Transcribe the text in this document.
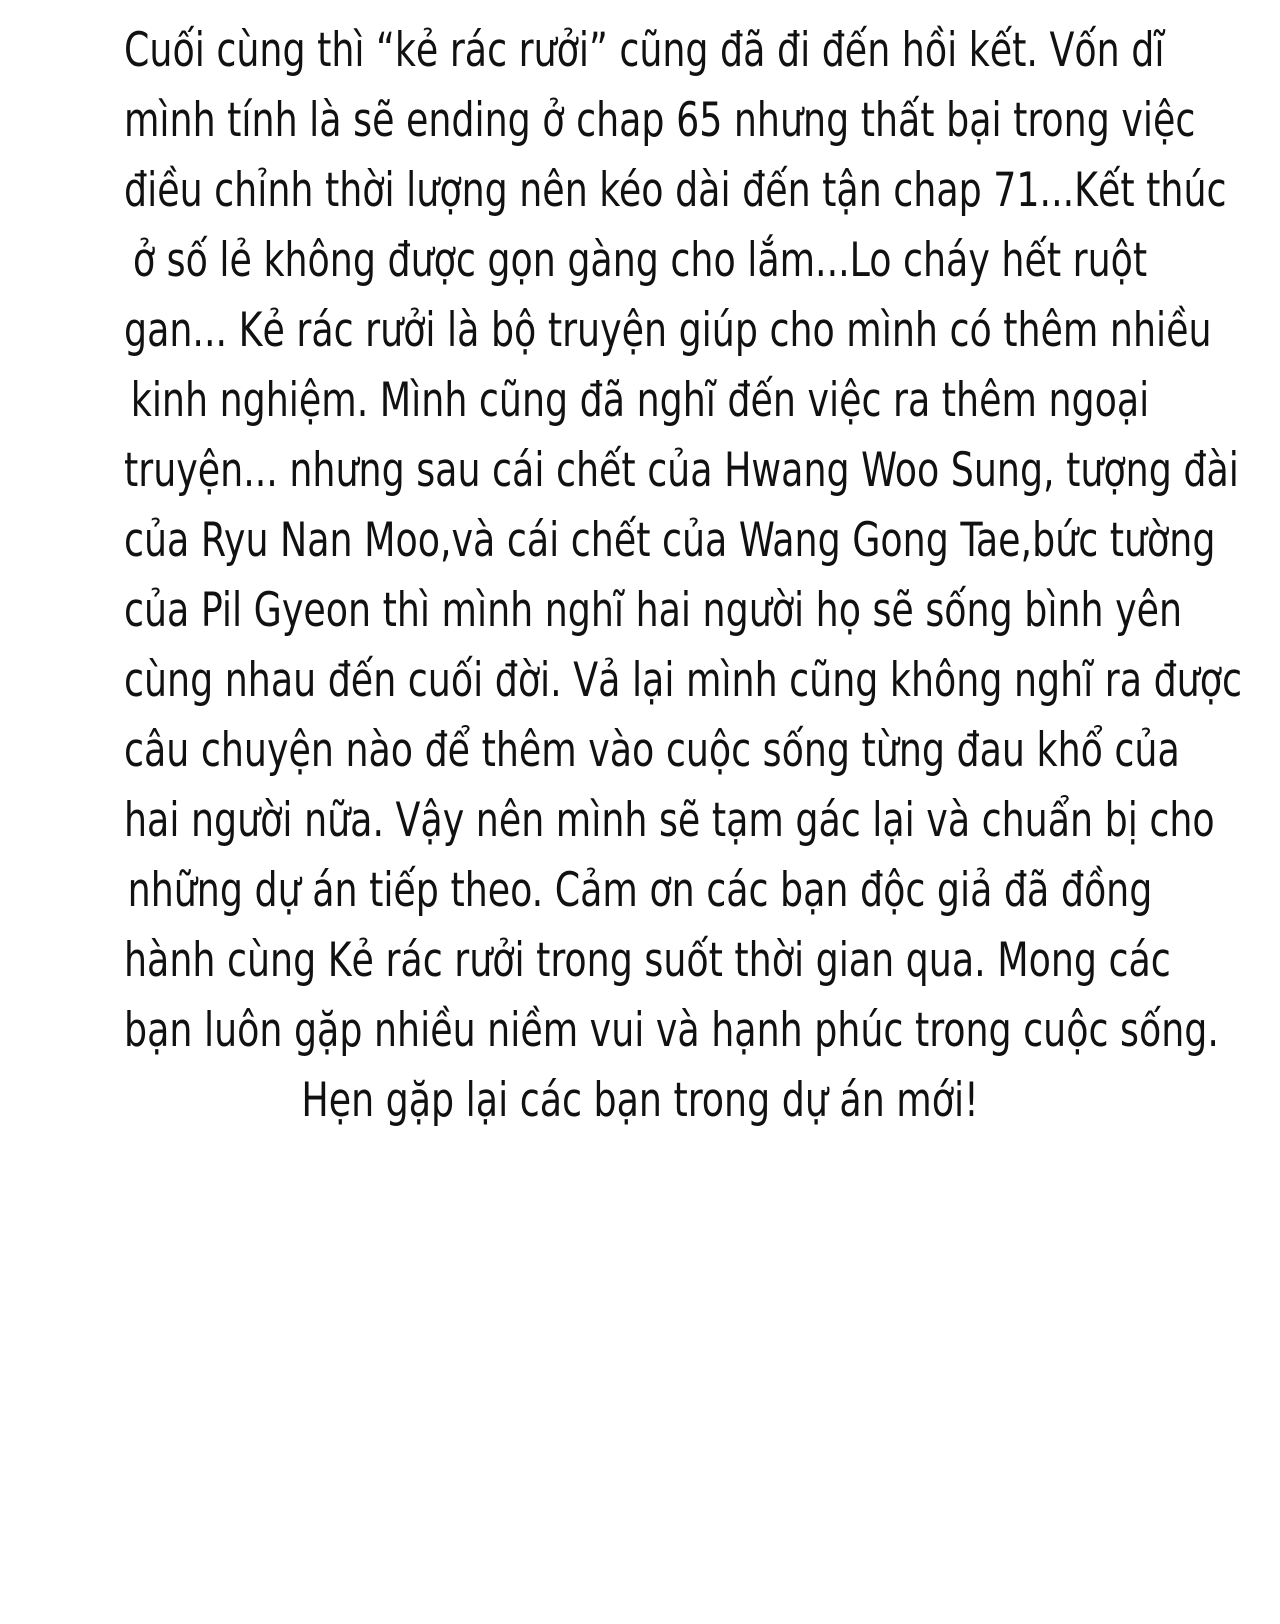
Cuối cùng thì “kẻ rác rưởi” cũng đã đi đến hồi kết. Vốn dĩ
mình tính là sẽ ending ở chap 65 nhưng thất bại trong việc
điều chỉnh thời lượng nên kéo dài đến tận chap 71...Kết thúc
ở số lẻ không được gọn gàng cho lắm...Lo cháy hết ruột
gan... Kẻ rác rưởi là bộ truyện giúp cho mình có thêm nhiều
kinh nghiệm. Mình cũng đã nghĩ đến việc ra thêm ngoại
truyện... nhưng sau cái chết của Hwang Woo Sung, tượng đài
của Ryu Nan Moo,và cái chết của Wang Gong Tae,bức tường
của Pil Gyeon thì mình nghĩ hai người họ sẽ sống bình yên
cùng nhau đến cuối đời. Vả lại mình cũng không nghĩ ra được
câu chuyện nào để thêm vào cuộc sống từng đau khổ của
hai người nữa. Vậy nên mình sẽ tạm gác lại và chuẩn bị cho
những dự án tiếp theo. Cảm ơn các bạn độc giả đã đồng
hành cùng Kẻ rác rưởi trong suốt thời gian qua. Mong các
bạn luôn gặp nhiều niềm vui và hạnh phúc trong cuộc sống.
Hẹn gặp lại các bạn trong dự án mới!
